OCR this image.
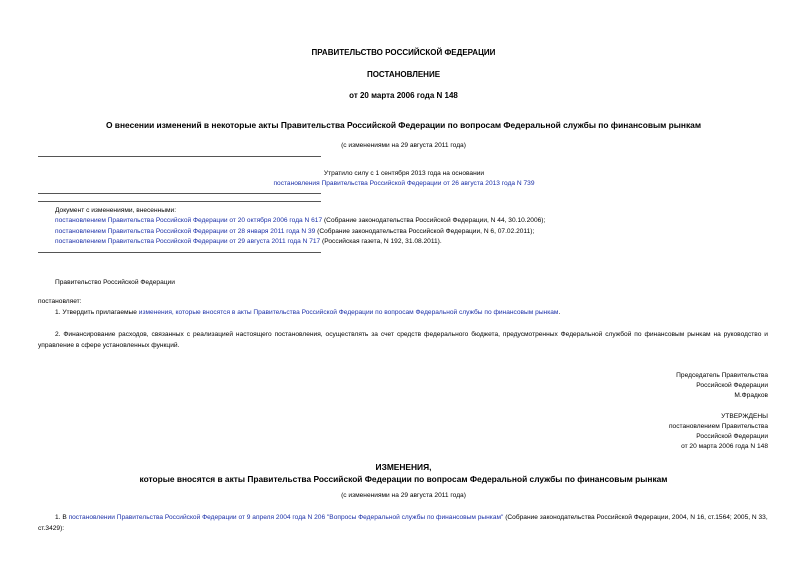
ПРАВИТЕЛЬСТВО РОССИЙСКОЙ ФЕДЕРАЦИИ
ПОСТАНОВЛЕНИЕ
от 20 марта 2006 года N 148
О внесении изменений в некоторые акты Правительства Российской Федерации по вопросам Федеральной службы по финансовым рынкам
(с изменениями на 29 августа 2011 года)
Утратило силу с 1 сентября 2013 года на основании
постановления Правительства Российской Федерации от 26 августа 2013 года N 739
Документ с изменениями, внесенными:
постановлением Правительства Российской Федерации от 20 октября 2006 года N 617 (Собрание законодательства Российской Федерации, N 44, 30.10.2006);
постановлением Правительства Российской Федерации от 28 января 2011 года N 39 (Собрание законодательства Российской Федерации, N 6, 07.02.2011);
постановлением Правительства Российской Федерации от 29 августа 2011 года N 717 (Российская газета, N 192, 31.08.2011).
Правительство Российской Федерации
постановляет:
1. Утвердить прилагаемые изменения, которые вносятся в акты Правительства Российской Федерации по вопросам Федеральной службы по финансовым рынкам.
2. Финансирование расходов, связанных с реализацией настоящего постановления, осуществлять за счет средств федерального бюджета, предусмотренных Федеральной службой по финансовым рынкам на руководство и управление в сфере установленных функций.
Председатель Правительства
Российской Федерации
М.Фрадков
УТВЕРЖДЕНЫ
постановлением Правительства
Российской Федерации
от 20 марта 2006 года N 148
ИЗМЕНЕНИЯ,
которые вносятся в акты Правительства Российской Федерации по вопросам Федеральной службы по финансовым рынкам
(с изменениями на 29 августа 2011 года)
1. В постановлении Правительства Российской Федерации от 9 апреля 2004 года N 206 "Вопросы Федеральной службы по финансовым рынкам" (Собрание законодательства Российской Федерации, 2004, N 16, ст.1564; 2005, N 33, ст.3429):
